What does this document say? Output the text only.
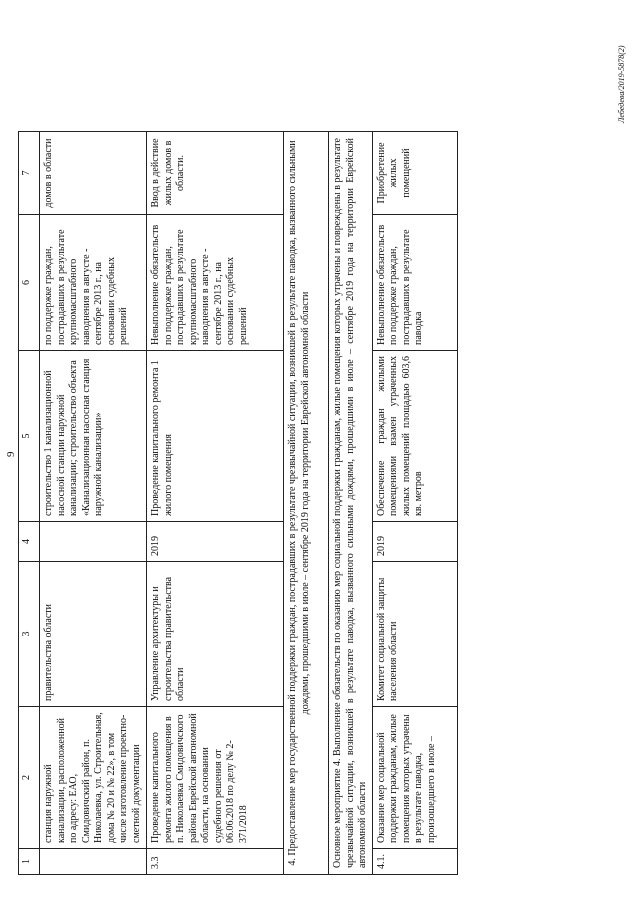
9
1	2	3	4	5	6	7
	станция наружной канализации, расположенной по адресу: ЕАО, Смидовичский район, п. Николаевка, ул. Строительная, дома № 20 и № 22», в том числе изготовление проектно-сметной документации	правительства области		строительство 1 канализационной насосной станции наружной канализации; строительство объекта «Канализационная насосная станция наружной канализации»	по поддержке граждан, пострадавших в результате крупномасштабного наводнения в августе - сентябре 2013 г., на основании судебных решений	домов в области
3.3	Проведение капитального ремонта жилого помещения в п. Николаевка Смидовичского района Еврейской автономной области, на основании судебного решения от 06.06.2018 по делу № 2-371/2018	Управление архитектуры и строительства правительства области	2019	Проведение капитального ремонта 1 жилого помещения	Невыполнение обязательств по поддержке граждан, пострадавших в результате крупномасштабного наводнения в августе - сентябре 2013 г., на основании судебных решений	Ввод в действие жилых домов в области.
4. Предоставление мер государственной поддержки граждан, пострадавших в результате чрезвычайной ситуации, возникшей в результате паводка, вызванного сильными дождями, прошедшими в июле – сентябре 2019 года на территории Еврейской автономной области						
Основное мероприятие 4. Выполнение обязательств по оказанию мер социальной поддержки гражданам, жилые помещения которых утрачены и повреждены в результате чрезвычайной ситуации, возникшей в результате паводка, вызванного сильными дождями, прошедшими в июле – сентябре 2019 года на территории Еврейской автономной области						
4.1.	Оказание мер социальной поддержки гражданам, жилые помещения которых утрачены в результате паводка, произошедшего в июле –	Комитет социальной защиты населения области	2019	Обеспечение граждан жилыми помещениями взамен утраченных жилых помещений площадью 603,6 кв. метров	Невыполнение обязательств по поддержке граждан, пострадавших в результате паводка	Приобретение жилых помещений
Лебедева/2019-5878(2)
